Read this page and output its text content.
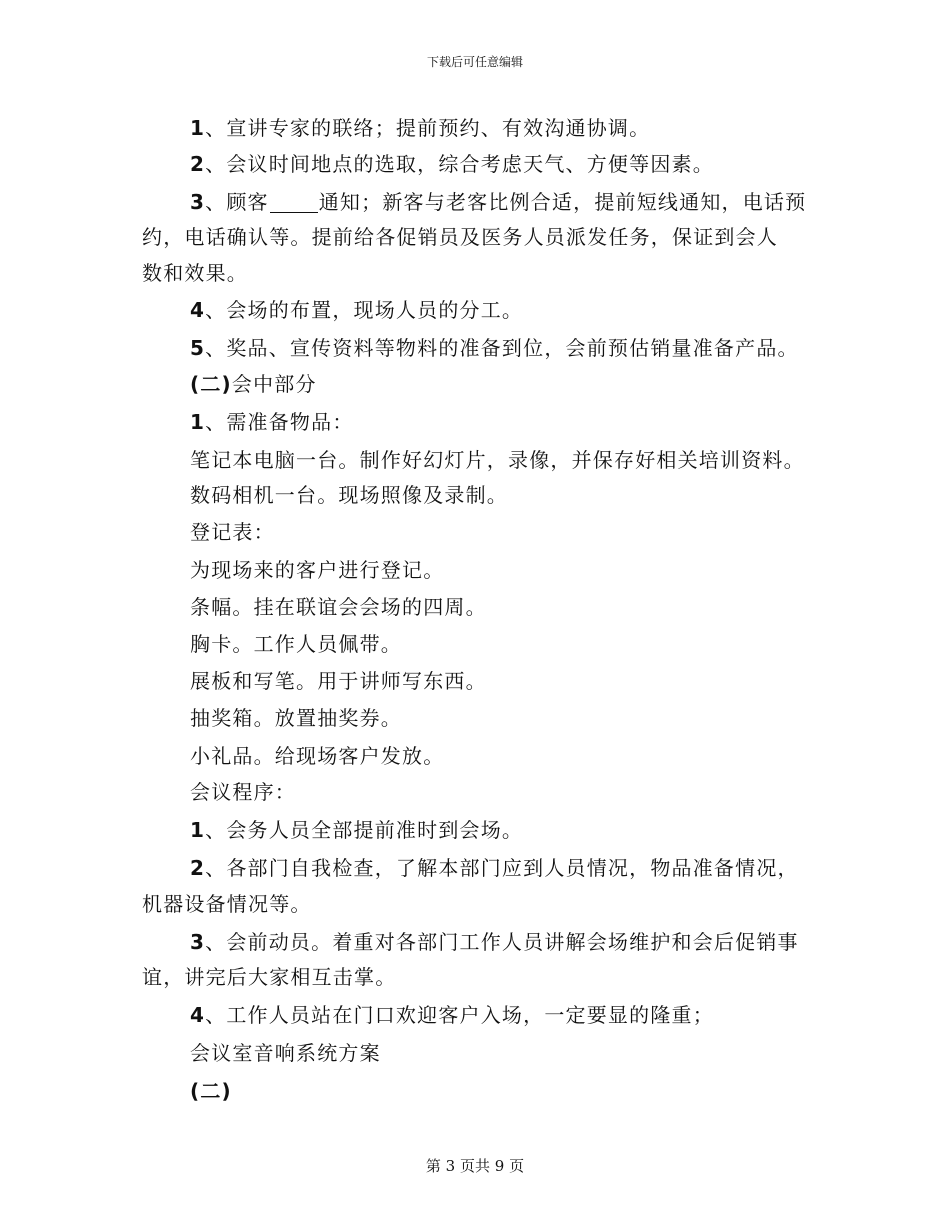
下载后可任意编辑
1、宣讲专家的联络；提前预约、有效沟通协调。
2、会议时间地点的选取，综合考虑天气、方便等因素。
3、顾客	通知；新客与老客比例合适，提前短线通知，电话预
约，电话确认等。提前给各促销员及医务人员派发任务，保证到会人
数和效果。
4、会场的布置，现场人员的分工。
5、奖品、宣传资料等物料的准备到位，会前预估销量准备产品。
(二)会中部分
1、需准备物品：
笔记本电脑一台。制作好幻灯片，录像，并保存好相关培训资料。
数码相机一台。现场照像及录制。
登记表：
为现场来的客户进行登记。
条幅。挂在联谊会会场的四周。
胸卡。工作人员佩带。
展板和写笔。用于讲师写东西。
抽奖箱。放置抽奖券。
小礼品。给现场客户发放。
会议程序：
1、会务人员全部提前准时到会场。
2、各部门自我检查，了解本部门应到人员情况，物品准备情况，
机器设备情况等。
3、会前动员。着重对各部门工作人员讲解会场维护和会后促销事
谊，讲完后大家相互击掌。
4、工作人员站在门口欢迎客户入场，一定要显的隆重；
会议室音响系统方案
(二)
第 3 页共 9 页
